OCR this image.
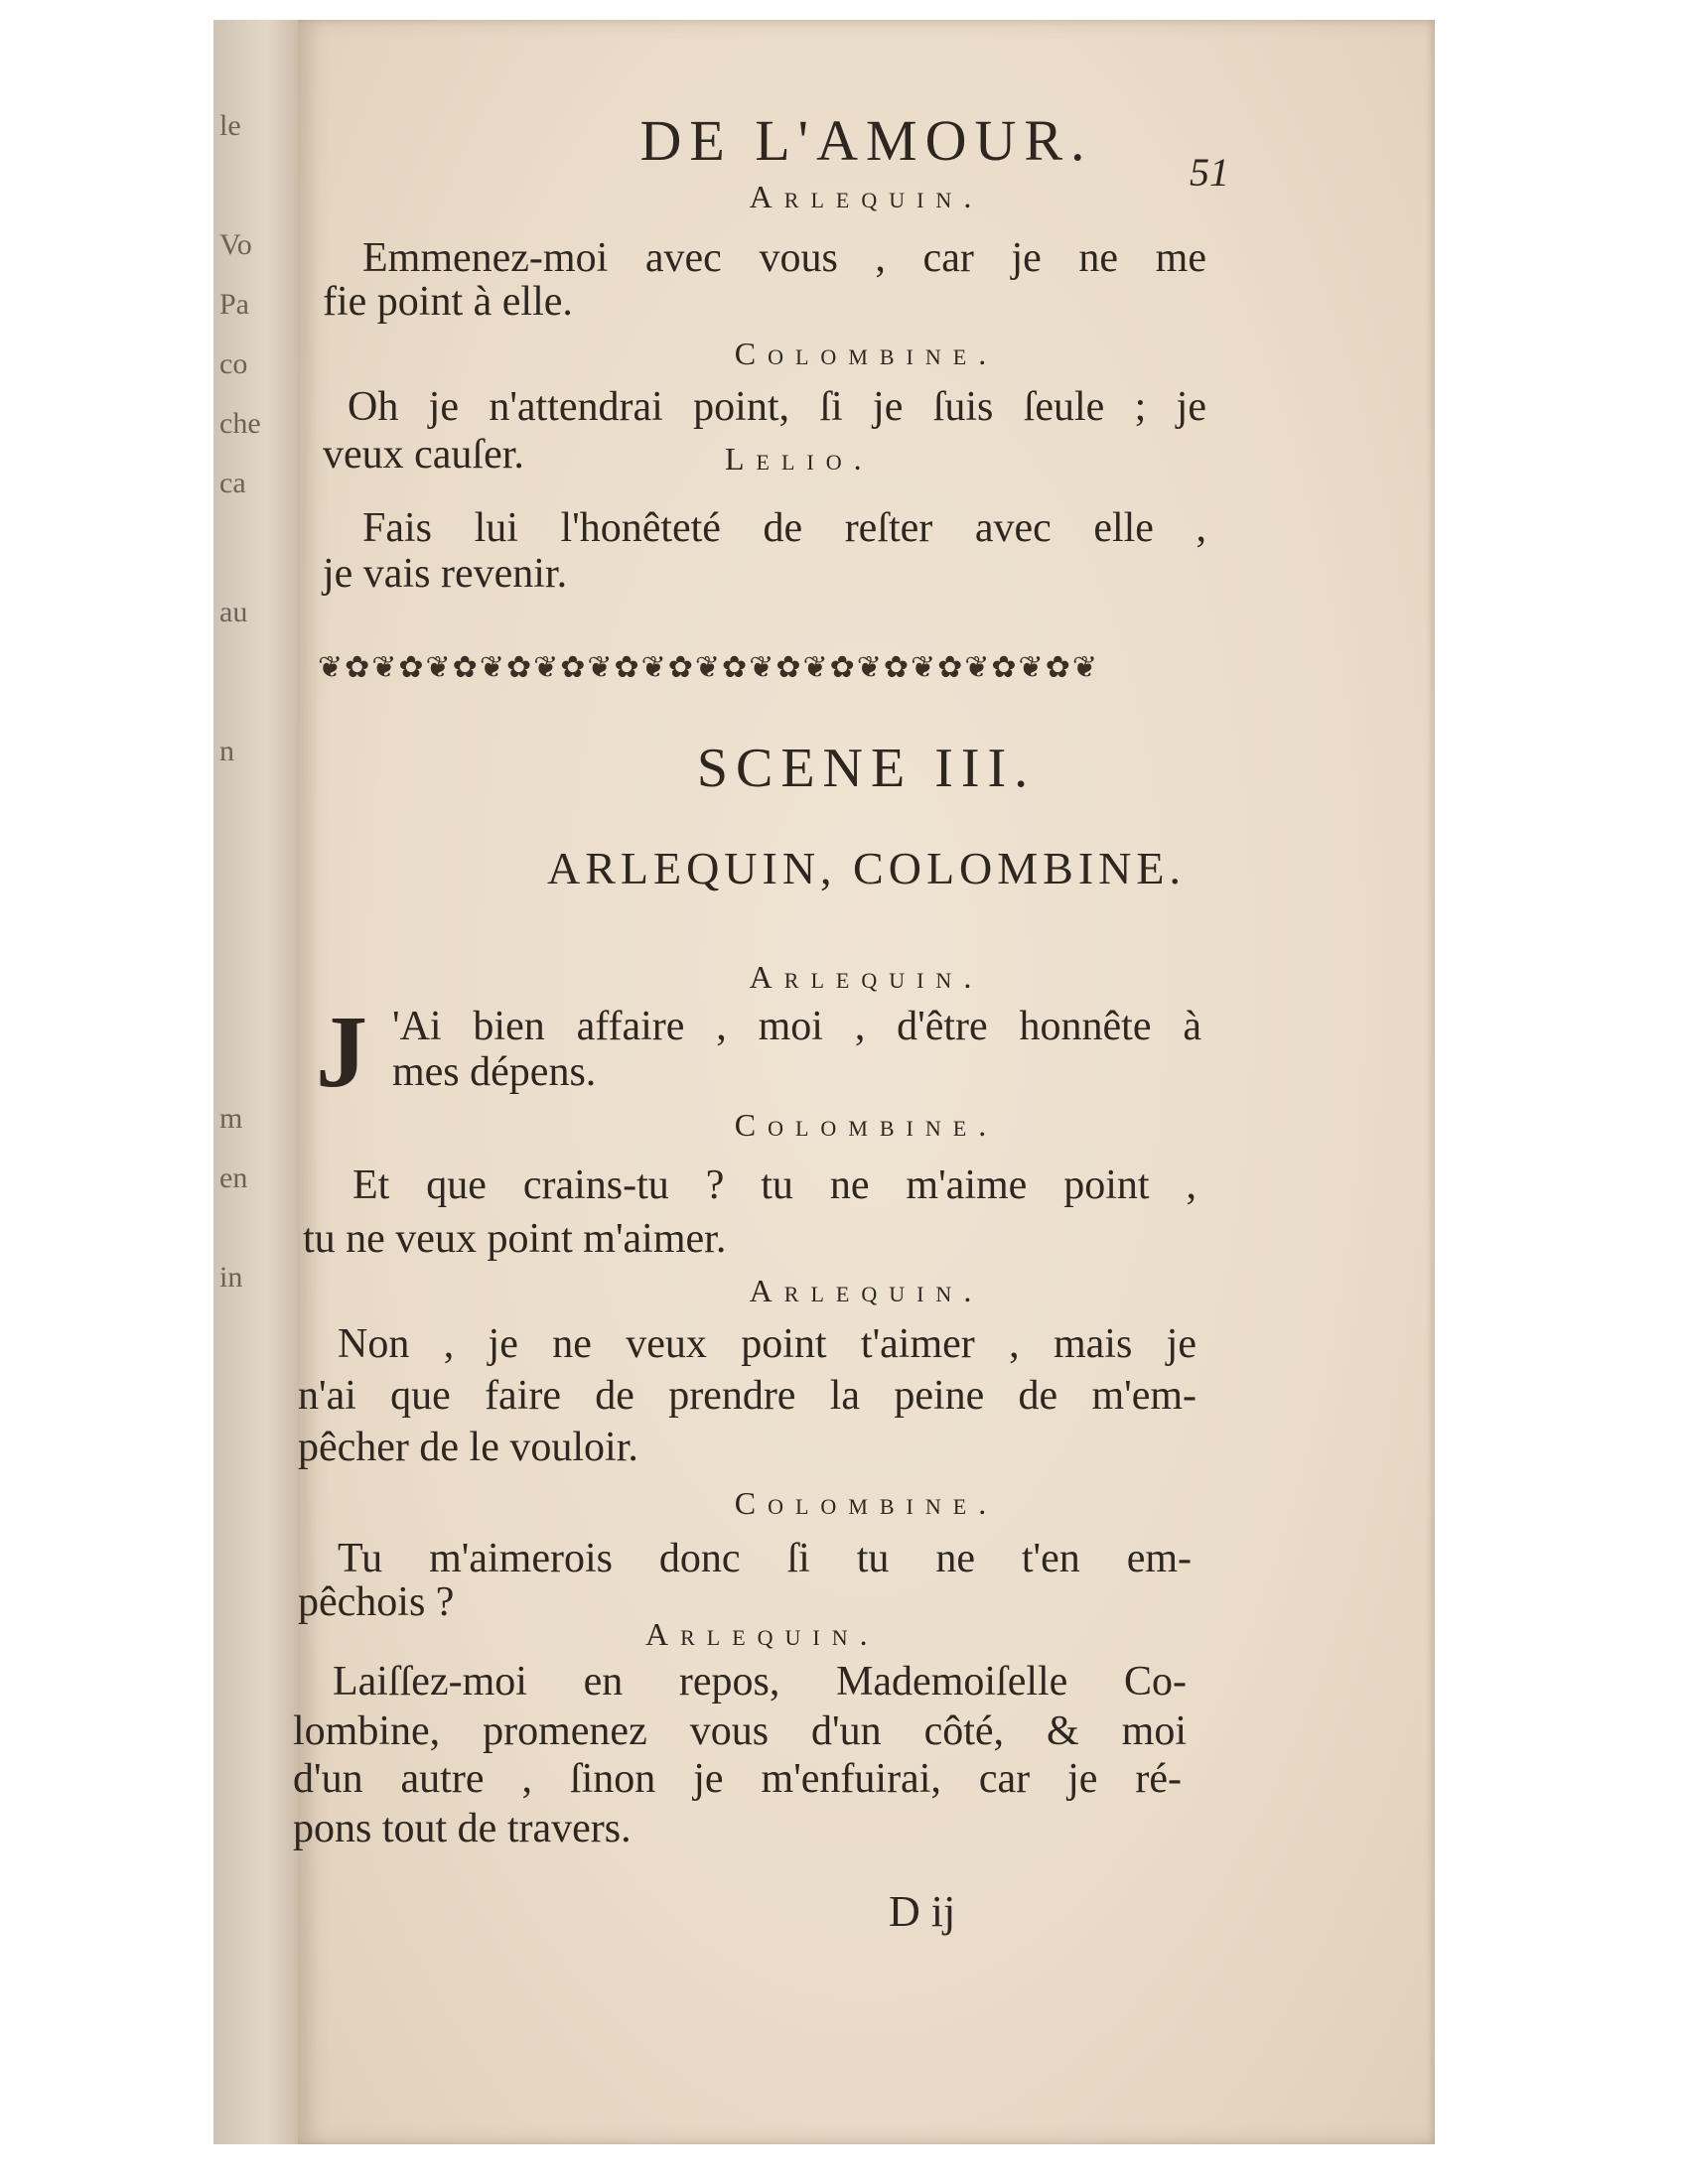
le
Vo
Pa
co
che
ca
au
n
m
en
in
DE L'AMOUR.	51
Arlequin.
Emmenez-moi avec vous , car je ne me
fie point à elle.
Colombine.
Oh je n'attendrai point, ſi je ſuis ſeule ; je
veux cauſer.	Lelio.
Fais lui l'honêteté de reſter avec elle ,
je vais revenir.
❦✿❦✿❦✿❦✿❦✿❦✿❦✿❦✿❦✿❦✿❦✿❦✿❦✿❦✿❦
SCENE III.
ARLEQUIN, COLOMBINE.
Arlequin.
J 'Ai bien affaire , moi , d'être honnête à
mes dépens.
Colombine.
Et que crains-tu ? tu ne m'aime point ,
tu ne veux point m'aimer.
Arlequin.
Non , je ne veux point t'aimer , mais je
n'ai que faire de prendre la peine de m'em-
pêcher de le vouloir.
Colombine.
Tu m'aimerois donc ſi tu ne t'en em-
pêchois ?
Arlequin.
Laiſſez-moi en repos, Mademoiſelle Co-
lombine, promenez vous d'un côté, & moi
d'un autre , ſinon je m'enfuirai, car je ré-
pons tout de travers.
D ij
